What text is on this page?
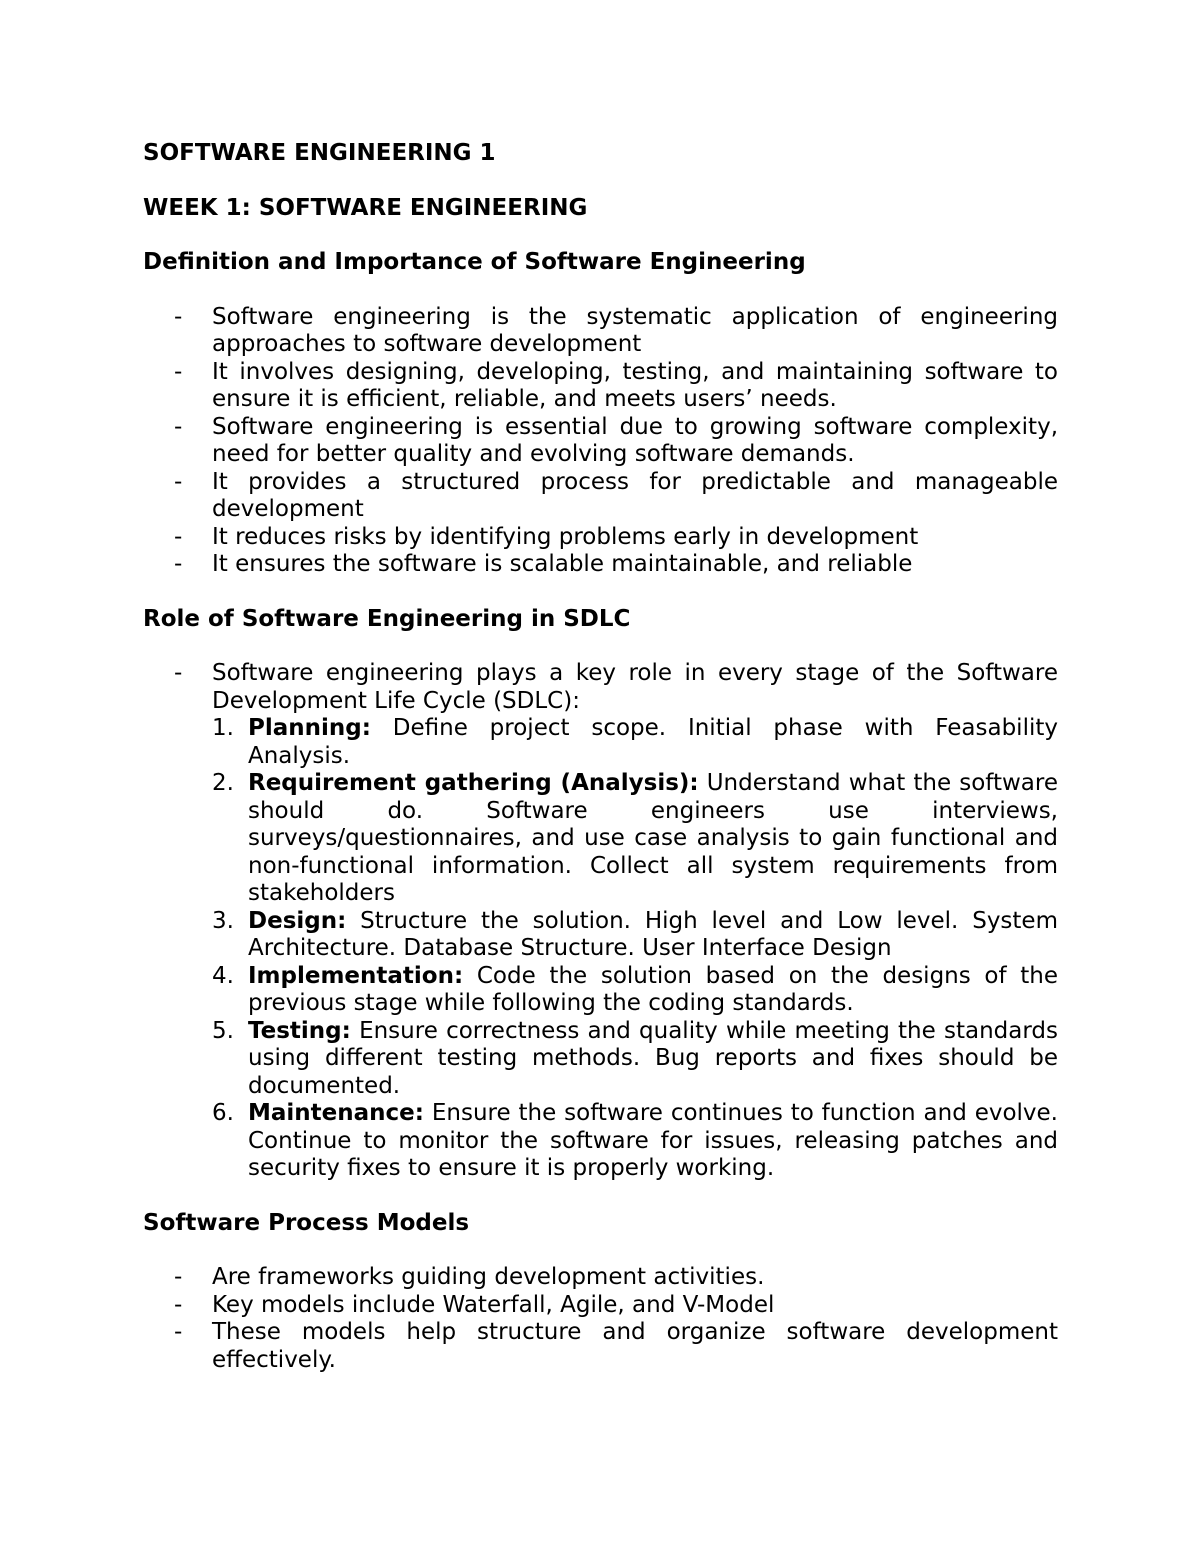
SOFTWARE ENGINEERING 1

WEEK 1: SOFTWARE ENGINEERING

Definition and Importance of Software Engineering

- Software engineering is the systematic application of engineering approaches to software development
- It involves designing, developing, testing, and maintaining software to ensure it is efficient, reliable, and meets users’ needs.
- Software engineering is essential due to growing software complexity, need for better quality and evolving software demands.
- It provides a structured process for predictable and manageable development
- It reduces risks by identifying problems early in development
- It ensures the software is scalable maintainable, and reliable

Role of Software Engineering in SDLC

- Software engineering plays a key role in every stage of the Software Development Life Cycle (SDLC):
1. Planning: Define project scope. Initial phase with Feasability Analysis.
2. Requirement gathering (Analysis): Understand what the software should do. Software engineers use interviews, surveys/questionnaires, and use case analysis to gain functional and non-functional information. Collect all system requirements from stakeholders
3. Design: Structure the solution. High level and Low level. System Architecture. Database Structure. User Interface Design
4. Implementation: Code the solution based on the designs of the previous stage while following the coding standards.
5. Testing: Ensure correctness and quality while meeting the standards using different testing methods. Bug reports and fixes should be documented.
6. Maintenance: Ensure the software continues to function and evolve. Continue to monitor the software for issues, releasing patches and security fixes to ensure it is properly working.

Software Process Models

- Are frameworks guiding development activities.
- Key models include Waterfall, Agile, and V-Model
- These models help structure and organize software development effectively.
